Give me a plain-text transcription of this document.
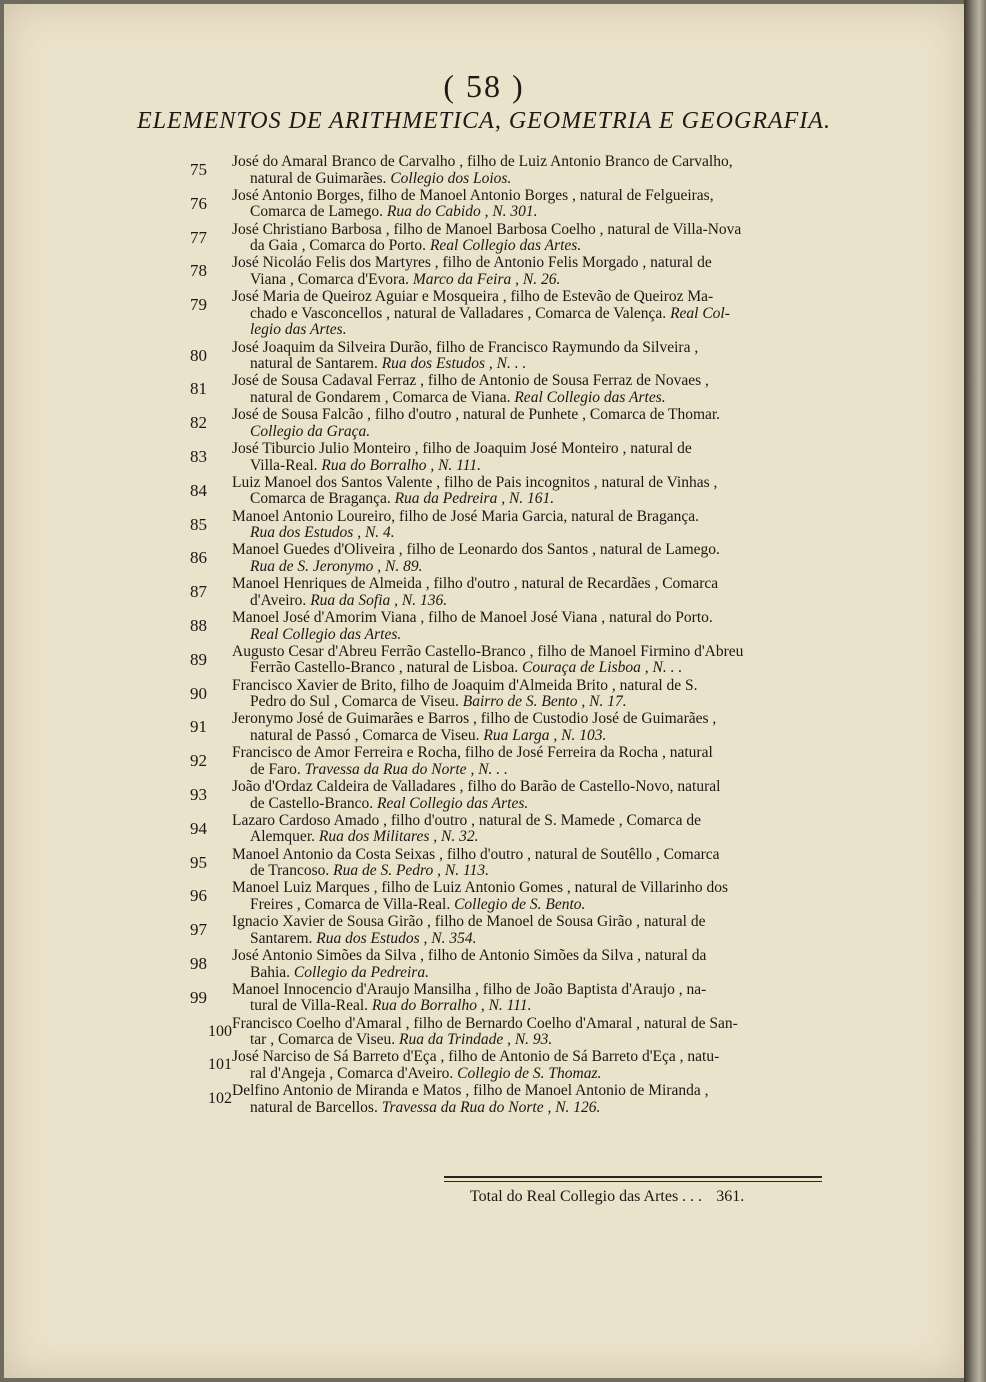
( 58 )
ELEMENTOS DE ARITHMETICA, GEOMETRIA E GEOGRAFIA.
75	José do Amaral Branco de Carvalho , filho de Luiz Antonio Branco de Carvalho,
natural de Guimarães. Collegio dos Loios.
76	José Antonio Borges, filho de Manoel Antonio Borges , natural de Felgueiras,
Comarca de Lamego. Rua do Cabido , N. 301.
77	José Christiano Barbosa , filho de Manoel Barbosa Coelho , natural de Villa-Nova
da Gaia , Comarca do Porto. Real Collegio das Artes.
78	José Nicoláo Felis dos Martyres , filho de Antonio Felis Morgado , natural de
Viana , Comarca d'Evora. Marco da Feira , N. 26.
79	José Maria de Queiroz Aguiar e Mosqueira , filho de Estevão de Queiroz Ma-
chado e Vasconcellos , natural de Valladares , Comarca de Valença. Real Col-
legio das Artes.
80	José Joaquim da Silveira Durão, filho de Francisco Raymundo da Silveira ,
natural de Santarem. Rua dos Estudos , N. . .
81	José de Sousa Cadaval Ferraz , filho de Antonio de Sousa Ferraz de Novaes ,
natural de Gondarem , Comarca de Viana. Real Collegio das Artes.
82	José de Sousa Falcão , filho d'outro , natural de Punhete , Comarca de Thomar.
Collegio da Graça.
83	José Tiburcio Julio Monteiro , filho de Joaquim José Monteiro , natural de
Villa-Real. Rua do Borralho , N. 111.
84	Luiz Manoel dos Santos Valente , filho de Pais incognitos , natural de Vinhas ,
Comarca de Bragança. Rua da Pedreira , N. 161.
85	Manoel Antonio Loureiro, filho de José Maria Garcia, natural de Bragança.
Rua dos Estudos , N. 4.
86	Manoel Guedes d'Oliveira , filho de Leonardo dos Santos , natural de Lamego.
Rua de S. Jeronymo , N. 89.
87	Manoel Henriques de Almeida , filho d'outro , natural de Recardães , Comarca
d'Aveiro. Rua da Sofia , N. 136.
88	Manoel José d'Amorim Viana , filho de Manoel José Viana , natural do Porto.
Real Collegio das Artes.
89	Augusto Cesar d'Abreu Ferrão Castello-Branco , filho de Manoel Firmino d'Abreu
Ferrão Castello-Branco , natural de Lisboa. Couraça de Lisboa , N. . .
90	Francisco Xavier de Brito, filho de Joaquim d'Almeida Brito , natural de S.
Pedro do Sul , Comarca de Viseu. Bairro de S. Bento , N. 17.
91	Jeronymo José de Guimarães e Barros , filho de Custodio José de Guimarães ,
natural de Passó , Comarca de Viseu. Rua Larga , N. 103.
92	Francisco de Amor Ferreira e Rocha, filho de José Ferreira da Rocha , natural
de Faro. Travessa da Rua do Norte , N. . .
93	João d'Ordaz Caldeira de Valladares , filho do Barão de Castello-Novo, natural
de Castello-Branco. Real Collegio das Artes.
94	Lazaro Cardoso Amado , filho d'outro , natural de S. Mamede , Comarca de
Alemquer. Rua dos Militares , N. 32.
95	Manoel Antonio da Costa Seixas , filho d'outro , natural de Soutêllo , Comarca
de Trancoso. Rua de S. Pedro , N. 113.
96	Manoel Luiz Marques , filho de Luiz Antonio Gomes , natural de Villarinho dos
Freires , Comarca de Villa-Real. Collegio de S. Bento.
97	Ignacio Xavier de Sousa Girão , filho de Manoel de Sousa Girão , natural de
Santarem. Rua dos Estudos , N. 354.
98	José Antonio Simões da Silva , filho de Antonio Simões da Silva , natural da
Bahia. Collegio da Pedreira.
99	Manoel Innocencio d'Araujo Mansilha , filho de João Baptista d'Araujo , na-
tural de Villa-Real. Rua do Borralho , N. 111.
100 Francisco Coelho d'Amaral , filho de Bernardo Coelho d'Amaral , natural de San-
tar , Comarca de Viseu. Rua da Trindade , N. 93.
101 José Narciso de Sá Barreto d'Eça , filho de Antonio de Sá Barreto d'Eça , natu-
ral d'Angeja , Comarca d'Aveiro. Collegio de S. Thomaz.
102 Delfino Antonio de Miranda e Matos , filho de Manoel Antonio de Miranda ,
natural de Barcellos. Travessa da Rua do Norte , N. 126.
Total do Real Collegio das Artes . . . 361.
